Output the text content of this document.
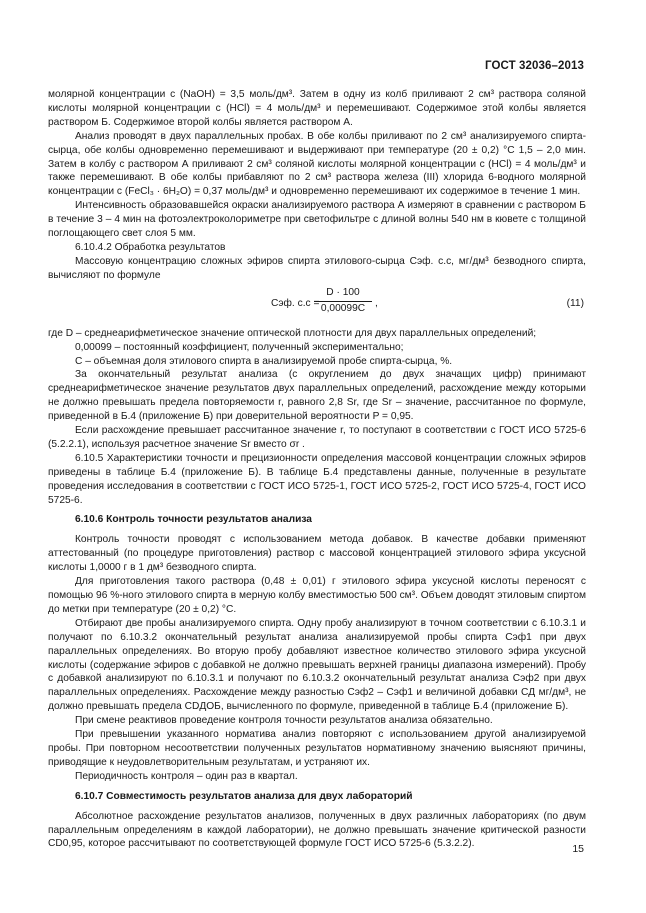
ГОСТ 32036–2013

молярной концентрации c (NaOH) = 3,5 моль/дм³. Затем в одну из колб приливают 2 см³ раствора соляной кислоты молярной концентрации c (HCl) = 4 моль/дм³ и перемешивают. Содержимое этой колбы является раствором Б. Содержимое второй колбы является раствором А.

Анализ проводят в двух параллельных пробах. В обе колбы приливают по 2 см³ анализируемого спирта-сырца, обе колбы одновременно перемешивают и выдерживают при температуре (20 ± 0,2) °С 1,5 – 2,0 мин. Затем в колбу с раствором А приливают 2 см³ соляной кислоты молярной концентрации c (HCl) = 4 моль/дм³ и также перемешивают. В обе колбы прибавляют по 2 см³ раствора железа (III) хлорида 6-водного молярной концентрации с (FeCl₃ · 6H₂O) = 0,37 моль/дм³ и одновременно перемешивают их содержимое в течение 1 мин.

Интенсивность образовавшейся окраски анализируемого раствора А измеряют в сравнении с раствором Б в течение 3 – 4 мин на фотоэлектроколориметре при светофильтре с длиной волны 540 нм в кювете с толщиной поглощающего свет слоя 5 мм.

6.10.4.2 Обработка результатов

Массовую концентрацию сложных эфиров спирта этилового-сырца Cэф. с.с, мг/дм³ безводного спирта, вычисляют по формуле

Cэф. с.с =
$\frac{D \cdot 100}{0,00099C}$ ,	(11)

где D – среднеарифметическое значение оптической плотности для двух параллельных определений;

0,00099 – постоянный коэффициент, полученный экспериментально;

C – объемная доля этилового спирта в анализируемой пробе спирта-сырца, %.

За окончательный результат анализа (с округлением до двух значащих цифр) принимают среднеарифметическое значение результатов двух параллельных определений, расхождение между которыми не должно превышать предела повторяемости r, равного 2,8 Sr, где Sr – значение, рассчитанное по формуле, приведенной в Б.4 (приложение Б) при доверительной вероятности P = 0,95.

Если расхождение превышает рассчитанное значение r, то поступают в соответствии с ГОСТ ИСО 5725-6 (5.2.2.1), используя расчетное значение Sr вместо σr .

6.10.5 Характеристики точности и прецизионности определения массовой концентрации сложных эфиров приведены в таблице Б.4 (приложение Б). В таблице Б.4 представлены данные, полученные в результате проведения исследования в соответствии с ГОСТ ИСО 5725-1, ГОСТ ИСО 5725-2, ГОСТ ИСО 5725-4, ГОСТ ИСО 5725-6.

6.10.6 Контроль точности результатов анализа

Контроль точности проводят с использованием метода добавок. В качестве добавки применяют аттестованный (по процедуре приготовления) раствор с массовой концентрацией этилового эфира уксусной кислоты 1,0000 г в 1 дм³ безводного спирта.

Для приготовления такого раствора (0,48 ± 0,01) г этилового эфира уксусной кислоты переносят с помощью 96 %-ного этилового спирта в мерную колбу вместимостью 500 см³. Объем доводят этиловым спиртом до метки при температуре (20 ± 0,2) °С.

Отбирают две пробы анализируемого спирта. Одну пробу анализируют в точном соответствии с 6.10.3.1 и получают по 6.10.3.2 окончательный результат анализа анализируемой пробы спирта Cэф1 при двух параллельных определениях. Во вторую пробу добавляют известное количество этилового эфира уксусной кислоты (содержание эфиров с добавкой не должно превышать верхней границы диапазона измерений). Пробу с добавкой анализируют по 6.10.3.1 и получают по 6.10.3.2 окончательный результат анализа Cэф2 при двух параллельных определениях. Расхождение между разностью Cэф2 – Cэф1 и величиной добавки CД мг/дм³, не должно превышать предела CDДОБ, вычисленного по формуле, приведенной в таблице Б.4 (приложение Б).

При смене реактивов проведение контроля точности результатов анализа обязательно.

При превышении указанного норматива анализ повторяют с использованием другой анализируемой пробы. При повторном несоответствии полученных результатов нормативному значению выясняют причины, приводящие к неудовлетворительным результатам, и устраняют их.

Периодичность контроля – один раз в квартал.

6.10.7 Совместимость результатов анализа для двух лабораторий

Абсолютное расхождение результатов анализов, полученных в двух различных лабораториях (по двум параллельным определениям в каждой лаборатории), не должно превышать значение критической разности CD0,95, которое рассчитывают по соответствующей формуле ГОСТ ИСО 5725-6 (5.3.2.2).	15
